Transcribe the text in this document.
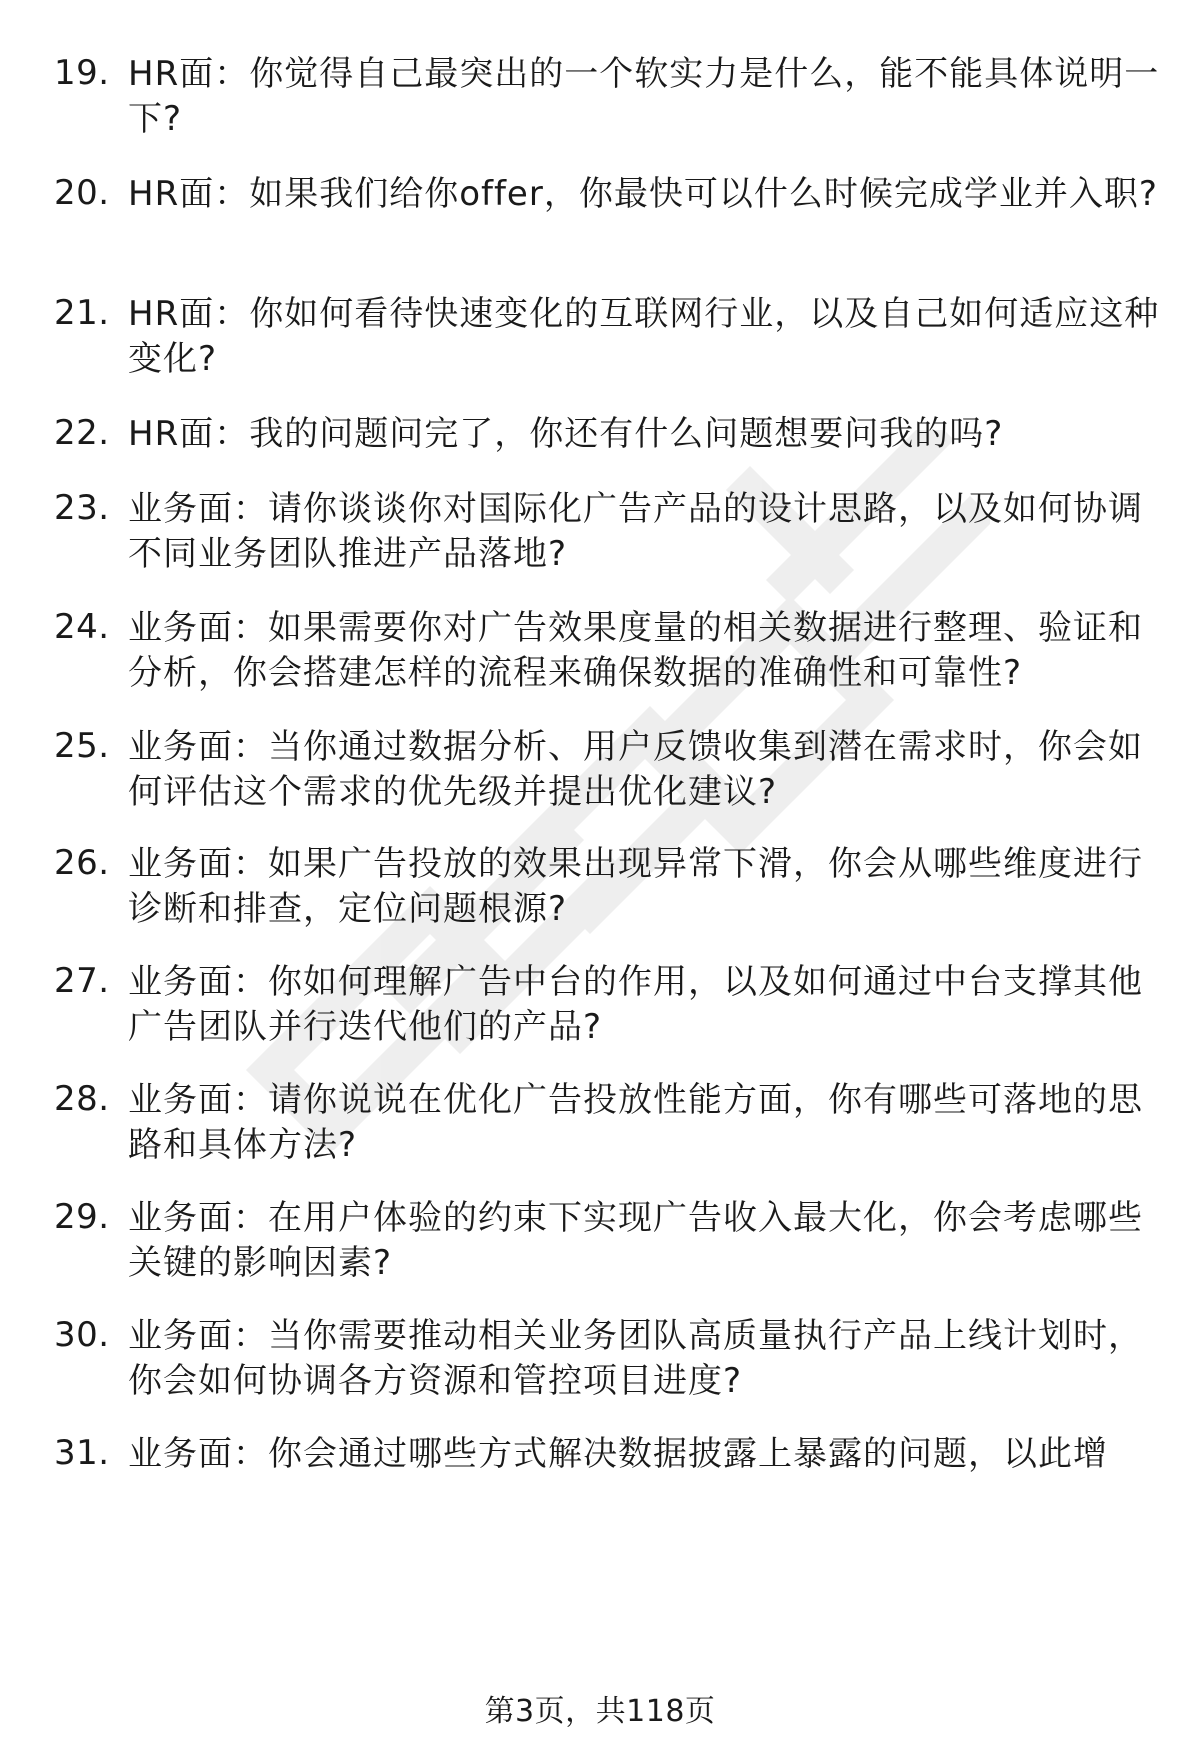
19. HR面：你觉得自己最突出的一个软实力是什么，能不能具体说明一下?
20. HR面：如果我们给你offer，你最快可以什么时候完成学业并入职?
21. HR面：你如何看待快速变化的互联网行业，以及自己如何适应这种变化?
22. HR面：我的问题问完了，你还有什么问题想要问我的吗?
23. 业务面：请你谈谈你对国际化广告产品的设计思路，以及如何协调不同业务团队推进产品落地?
24. 业务面：如果需要你对广告效果度量的相关数据进行整理、验证和分析，你会搭建怎样的流程来确保数据的准确性和可靠性?
25. 业务面：当你通过数据分析、用户反馈收集到潜在需求时，你会如何评估这个需求的优先级并提出优化建议?
26. 业务面：如果广告投放的效果出现异常下滑，你会从哪些维度进行诊断和排查，定位问题根源?
27. 业务面：你如何理解广告中台的作用，以及如何通过中台支撑其他广告团队并行迭代他们的产品?
28. 业务面：请你说说在优化广告投放性能方面，你有哪些可落地的思路和具体方法?
29. 业务面：在用户体验的约束下实现广告收入最大化，你会考虑哪些关键的影响因素?
30. 业务面：当你需要推动相关业务团队高质量执行产品上线计划时，你会如何协调各方资源和管控项目进度?
31. 业务面：你会通过哪些方式解决数据披露上暴露的问题，以此增
第3页，共118页
